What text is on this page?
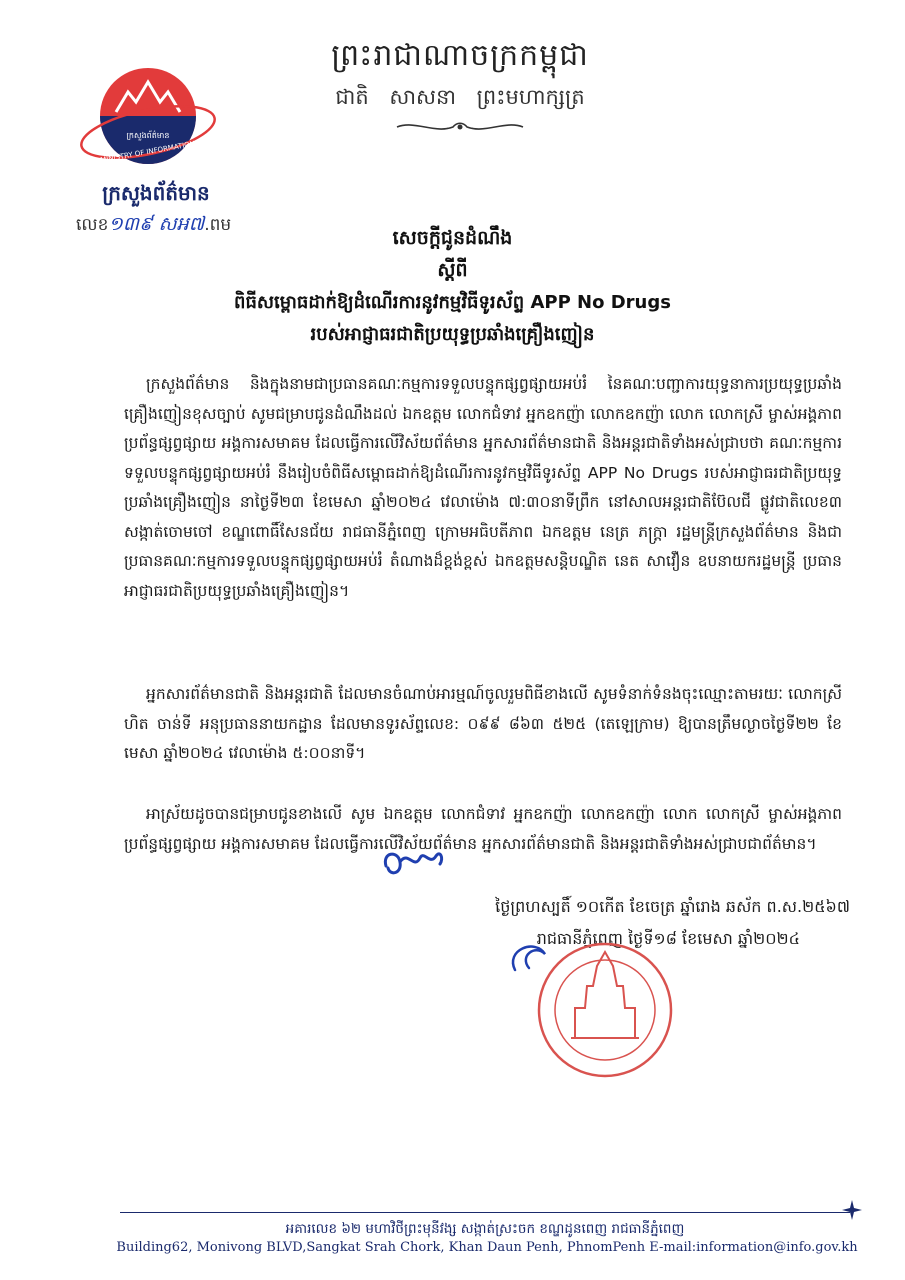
ក្រសួងព័ត៌មាន
MINISTRY OF INFORMATION
ព្រះរាជាណាចក្រកម្ពុជា
ជាតិ សាសនា ព្រះមហាក្សត្រ
ក្រសួងព័ត៌មាន
លេខ១៣៩ សអ៧.ពម
សេចក្តីជូនដំណឹង
ស្តីពី
ពិធីសម្ពោធដាក់ឱ្យដំណើរការនូវកម្មវិធីទូរស័ព្ទ APP No Drugs
របស់អាជ្ញាធរជាតិប្រយុទ្ធប្រឆាំងគ្រឿងញៀន
ក្រសួងព័ត៌មាន និងក្នុងនាមជាប្រធានគណៈកម្មការទទួលបន្ទុកផ្សព្វផ្សាយអប់រំ នៃគណៈបញ្ជាការយុទ្ធនាការប្រយុទ្ធប្រឆាំងគ្រឿងញៀនខុសច្បាប់ សូមជម្រាបជូនដំណឹងដល់ ឯកឧត្តម លោកជំទាវ អ្នកឧកញ៉ា លោកឧកញ៉ា លោក លោកស្រី ម្ចាស់អង្គភាពប្រព័ន្ធផ្សព្វផ្សាយ អង្គការសមាគម ដែលធ្វើការលើវិស័យព័ត៌មាន អ្នកសារព័ត៌មានជាតិ និងអន្តរជាតិទាំងអស់ជ្រាបថា គណៈកម្មការទទួលបន្ទុកផ្សព្វផ្សាយអប់រំ នឹងរៀបចំពិធីសម្ពោធដាក់ឱ្យដំណើរការនូវកម្មវិធីទូរស័ព្ទ APP No Drugs របស់អាជ្ញាធរជាតិប្រយុទ្ធប្រឆាំងគ្រឿងញៀន នាថ្ងៃទី២៣ ខែមេសា ឆ្នាំ២០២៤ វេលាម៉ោង ៧:៣០នាទីព្រឹក នៅសាលអន្តរជាតិប៊ែលជី ផ្លូវជាតិលេខ៣ សង្កាត់ចោមចៅ ខណ្ឌពោធិ៍សែនជ័យ រាជធានីភ្នំពេញ ក្រោមអធិបតីភាព ឯកឧត្តម នេត្រ ភក្ត្រា រដ្ឋមន្ត្រីក្រសួងព័ត៌មាន និងជាប្រធានគណៈកម្មការទទួលបន្ទុកផ្សព្វផ្សាយអប់រំ តំណាងដ៏ខ្ពង់ខ្ពស់ ឯកឧត្តមសន្តិបណ្ឌិត នេត សាវឿន ឧបនាយករដ្ឋមន្ត្រី ប្រធានអាជ្ញាធរជាតិប្រយុទ្ធប្រឆាំងគ្រឿងញៀន។
អ្នកសារព័ត៌មានជាតិ និងអន្តរជាតិ ដែលមានចំណាប់អារម្មណ៍ចូលរួមពិធីខាងលើ សូមទំនាក់ទំនងចុះឈ្មោះតាមរយៈ លោកស្រី ហិត ចាន់ទី អនុប្រធាននាយកដ្ឋាន ដែលមានទូរស័ព្ទលេខ: ០៩៩ ៨៦៣ ៥២៥ (តេឡេក្រាម) ឱ្យបានត្រឹមល្ងាចថ្ងៃទី២២ ខែមេសា ឆ្នាំ២០២៤ វេលាម៉ោង ៥:០០នាទី។
អាស្រ័យដូចបានជម្រាបជូនខាងលើ សូម ឯកឧត្តម លោកជំទាវ អ្នកឧកញ៉ា លោកឧកញ៉ា លោក លោកស្រី ម្ចាស់អង្គភាពប្រព័ន្ធផ្សព្វផ្សាយ អង្គការសមាគម ដែលធ្វើការលើវិស័យព័ត៌មាន អ្នកសារព័ត៌មានជាតិ និងអន្តរជាតិទាំងអស់ជ្រាបជាព័ត៌មាន។
ថ្ងៃព្រហស្បតិ៍ ១០កើត ខែចេត្រ ឆ្នាំរោង ឆស័ក ព.ស.២៥៦៧
រាជធានីភ្នំពេញ ថ្ងៃទី១៨ ខែមេសា ឆ្នាំ២០២៤
អគារលេខ ៦២ មហាវិថីព្រះមុនីវង្ស សង្កាត់ស្រះចក ខណ្ឌដូនពេញ រាជធានីភ្នំពេញ
Building62, Monivong BLVD,Sangkat Srah Chork, Khan Daun Penh, PhnomPenh E-mail:information@info.gov.kh
